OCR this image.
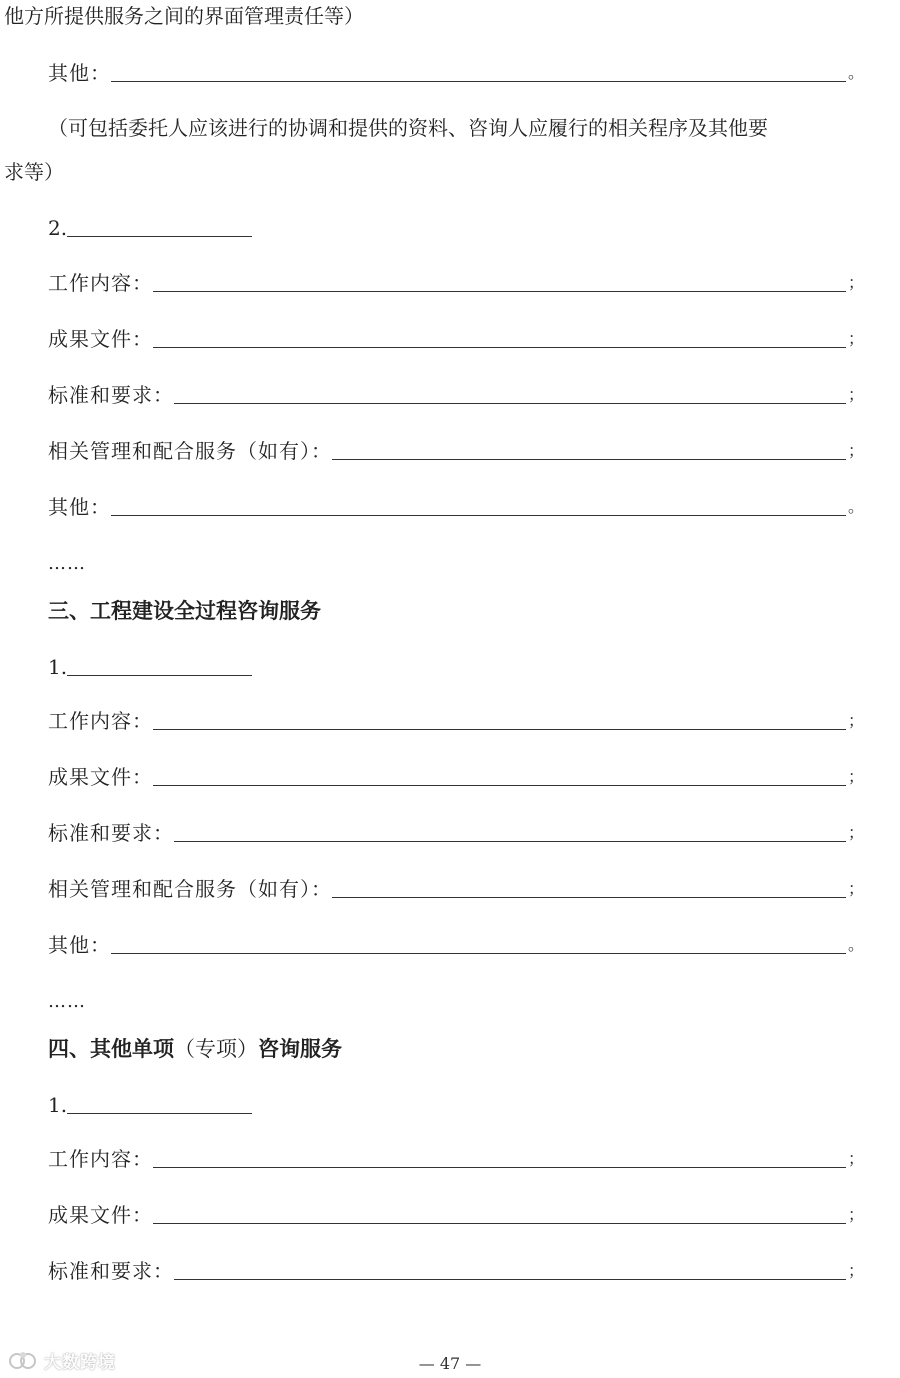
他方所提供服务之间的界面管理责任等）
其他：	。
（可包括委托人应该进行的协调和提供的资料、咨询人应履行的相关程序及其他要
求等）
2.
工作内容：	；
成果文件：	；
标准和要求：	；
相关管理和配合服务（如有）：	；
其他：	。
……
三、工程建设全过程咨询服务
1.
工作内容：	；
成果文件：	；
标准和要求：	；
相关管理和配合服务（如有）：	；
其他：	。
……
四、其他单项（专项）咨询服务
1.
工作内容：	；
成果文件：	；
标准和要求：	；
大数跨境	— 47 —
